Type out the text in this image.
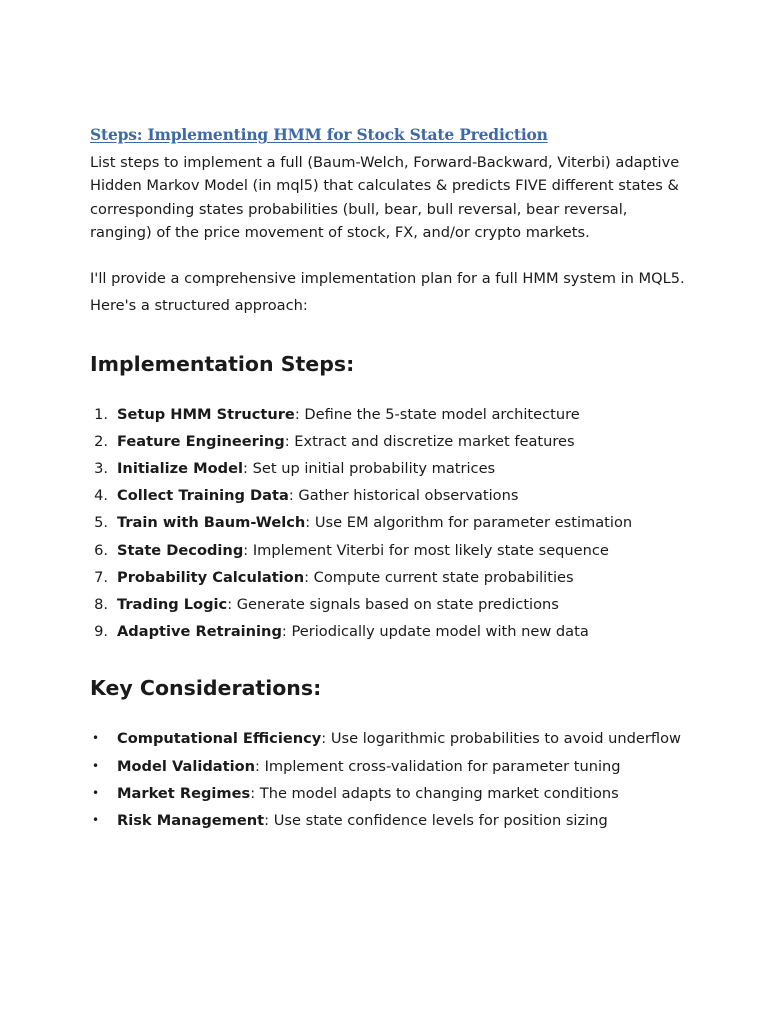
Steps: Implementing HMM for Stock State Prediction

List steps to implement a full (Baum-Welch, Forward-Backward, Viterbi) adaptive Hidden Markov Model (in mql5) that calculates & predicts FIVE different states & corresponding states probabilities (bull, bear, bull reversal, bear reversal, ranging) of the price movement of stock, FX, and/or crypto markets.

I'll provide a comprehensive implementation plan for a full HMM system in MQL5. Here's a structured approach:

Implementation Steps:
1. Setup HMM Structure: Define the 5-state model architecture
2. Feature Engineering: Extract and discretize market features
3. Initialize Model: Set up initial probability matrices
4. Collect Training Data: Gather historical observations
5. Train with Baum-Welch: Use EM algorithm for parameter estimation
6. State Decoding: Implement Viterbi for most likely state sequence
7. Probability Calculation: Compute current state probabilities
8. Trading Logic: Generate signals based on state predictions
9. Adaptive Retraining: Periodically update model with new data
Key Considerations:
• Computational Efficiency: Use logarithmic probabilities to avoid underflow
• Model Validation: Implement cross-validation for parameter tuning
• Market Regimes: The model adapts to changing market conditions
• Risk Management: Use state confidence levels for position sizing
